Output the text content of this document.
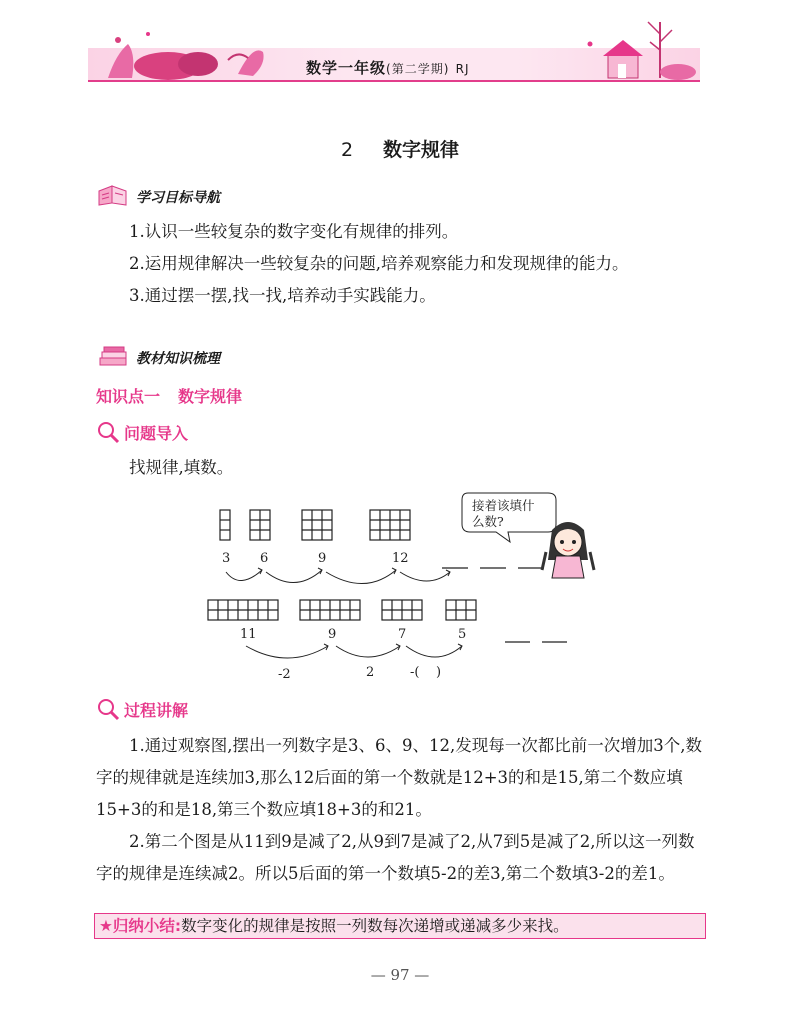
数学一年级(第二学期) RJ
2 数字规律
学习目标导航

1.认识一些较复杂的数字变化有规律的排列。

2.运用规律解决一些较复杂的问题,培养观察能力和发现规律的能力。

3.通过摆一摆,找一找,培养动手实践能力。

教材知识梳理
知识点一 数字规律
问题导入

找规律,填数。

3 6	9	12
接着该填什
么数?
11	9	7	5
-2	2	-(    )
过程讲解

1.通过观察图,摆出一列数字是3、6、9、12,发现每一次都比前一次增加3个,数字的规律就是连续加3,那么12后面的第一个数就是12+3的和是15,第二个数应填15+3的和是18,第三个数应填18+3的和21。

2.第二个图是从11到9是减了2,从9到7是减了2,从7到5是减了2,所以这一列数字的规律是连续减2。所以5后面的第一个数填5-2的差3,第二个数填3-2的差1。

★归纳小结:数字变化的规律是按照一列数每次递增或递减多少来找。
— 97 —
